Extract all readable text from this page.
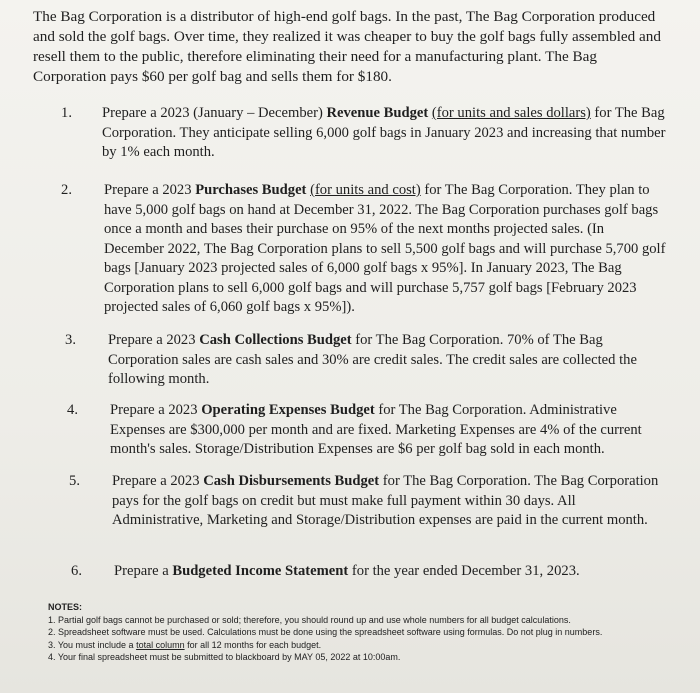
The Bag Corporation is a distributor of high-end golf bags. In the past, The Bag Corporation produced and sold the golf bags. Over time, they realized it was cheaper to buy the golf bags fully assembled and resell them to the public, therefore eliminating their need for a manufacturing plant. The Bag Corporation pays $60 per golf bag and sells them for $180.
1. Prepare a 2023 (January – December) Revenue Budget (for units and sales dollars) for The Bag Corporation. They anticipate selling 6,000 golf bags in January 2023 and increasing that number by 1% each month.
2. Prepare a 2023 Purchases Budget (for units and cost) for The Bag Corporation. They plan to have 5,000 golf bags on hand at December 31, 2022. The Bag Corporation purchases golf bags once a month and bases their purchase on 95% of the next months projected sales. (In December 2022, The Bag Corporation plans to sell 5,500 golf bags and will purchase 5,700 golf bags [January 2023 projected sales of 6,000 golf bags x 95%]. In January 2023, The Bag Corporation plans to sell 6,000 golf bags and will purchase 5,757 golf bags [February 2023 projected sales of 6,060 golf bags x 95%]).
3. Prepare a 2023 Cash Collections Budget for The Bag Corporation. 70% of The Bag Corporation sales are cash sales and 30% are credit sales. The credit sales are collected the following month.
4. Prepare a 2023 Operating Expenses Budget for The Bag Corporation. Administrative Expenses are $300,000 per month and are fixed. Marketing Expenses are 4% of the current month's sales. Storage/Distribution Expenses are $6 per golf bag sold in each month.
5. Prepare a 2023 Cash Disbursements Budget for The Bag Corporation. The Bag Corporation pays for the golf bags on credit but must make full payment within 30 days. All Administrative, Marketing and Storage/Distribution expenses are paid in the current month.
6. Prepare a Budgeted Income Statement for the year ended December 31, 2023.
NOTES:
1. Partial golf bags cannot be purchased or sold; therefore, you should round up and use whole numbers for all budget calculations.
2. Spreadsheet software must be used. Calculations must be done using the spreadsheet software using formulas. Do not plug in numbers.
3. You must include a total column for all 12 months for each budget.
4. Your final spreadsheet must be submitted to blackboard by MAY 05, 2022 at 10:00am.
